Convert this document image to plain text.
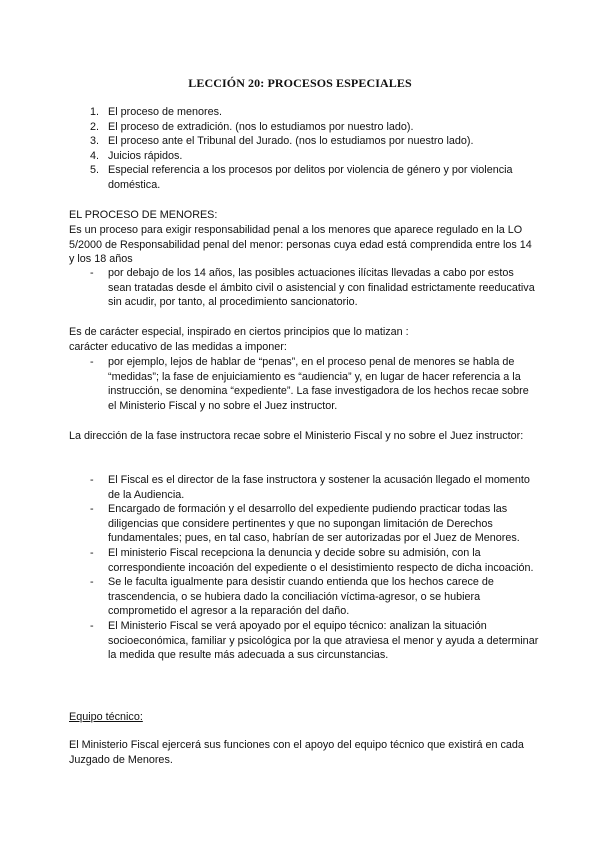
LECCIÓN 20: PROCESOS ESPECIALES
1. El proceso de menores.
2. El proceso de extradición. (nos lo estudiamos por nuestro lado).
3. El proceso ante el Tribunal del Jurado. (nos lo estudiamos por nuestro lado).
4. Juicios rápidos.
5. Especial referencia a los procesos por delitos por violencia de género y por violencia doméstica.

EL PROCESO DE MENORES:

Es un proceso para exigir responsabilidad penal a los menores que aparece regulado en la LO 5/2000 de Responsabilidad penal del menor: personas cuya edad está comprendida entre los 14 y los 18 años

- por debajo de los 14 años, las posibles actuaciones ilícitas llevadas a cabo por estos sean tratadas desde el ámbito civil o asistencial y con finalidad estrictamente reeducativa sin acudir, por tanto, al procedimiento sancionatorio.

Es de carácter especial, inspirado en ciertos principios que lo matizan :

carácter educativo de las medidas a imponer:

- por ejemplo, lejos de hablar de “penas”, en el proceso penal de menores se habla de “medidas”; la fase de enjuiciamiento es “audiencia” y, en lugar de hacer referencia a la instrucción, se denomina “expediente”. La fase investigadora de los hechos recae sobre el Ministerio Fiscal y no sobre el Juez instructor.

La dirección de la fase instructora recae sobre el Ministerio Fiscal y no sobre el Juez instructor:

- El Fiscal es el director de la fase instructora y sostener la acusación llegado el momento de la Audiencia.
- Encargado de formación y el desarrollo del expediente pudiendo practicar todas las diligencias que considere pertinentes y que no supongan limitación de Derechos fundamentales; pues, en tal caso, habrían de ser autorizadas por el Juez de Menores.
- El ministerio Fiscal recepciona la denuncia y decide sobre su admisión, con la correspondiente incoación del expediente o el desistimiento respecto de dicha incoación.
- Se le faculta igualmente para desistir cuando entienda que los hechos carece de trascendencia, o se hubiera dado la conciliación víctima-agresor, o se hubiera comprometido el agresor a la reparación del daño.
- El Ministerio Fiscal se verá apoyado por el equipo técnico: analizan la situación socioeconómica, familiar y psicológica por la que atraviesa el menor y ayuda a determinar la medida que resulte más adecuada a sus circunstancias.

Equipo técnico:

El Ministerio Fiscal ejercerá sus funciones con el apoyo del equipo técnico que existirá en cada Juzgado de Menores.
